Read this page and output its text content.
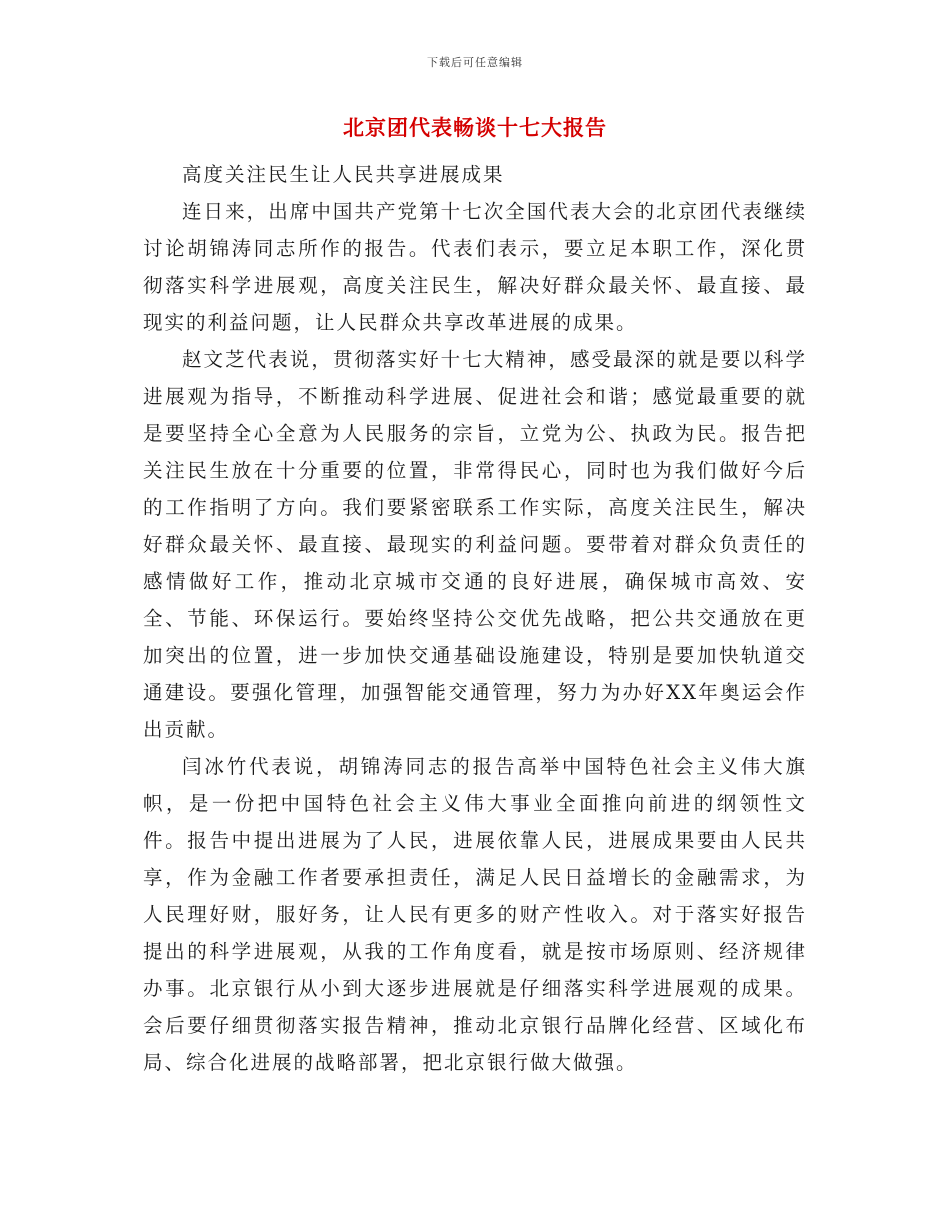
下载后可任意编辑
北京团代表畅谈十七大报告

高度关注民生让人民共享进展成果

连日来，出席中国共产党第十七次全国代表大会的北京团代表继续讨论胡锦涛同志所作的报告。代表们表示，要立足本职工作，深化贯彻落实科学进展观，高度关注民生，解决好群众最关怀、最直接、最现实的利益问题，让人民群众共享改革进展的成果。

赵文芝代表说，贯彻落实好十七大精神，感受最深的就是要以科学进展观为指导，不断推动科学进展、促进社会和谐；感觉最重要的就是要坚持全心全意为人民服务的宗旨，立党为公、执政为民。报告把关注民生放在十分重要的位置，非常得民心，同时也为我们做好今后的工作指明了方向。我们要紧密联系工作实际，高度关注民生，解决好群众最关怀、最直接、最现实的利益问题。要带着对群众负责任的感情做好工作，推动北京城市交通的良好进展，确保城市高效、安全、节能、环保运行。要始终坚持公交优先战略，把公共交通放在更加突出的位置，进一步加快交通基础设施建设，特别是要加快轨道交通建设。要强化管理，加强智能交通管理，努力为办好XX年奥运会作出贡献。

闫冰竹代表说，胡锦涛同志的报告高举中国特色社会主义伟大旗帜，是一份把中国特色社会主义伟大事业全面推向前进的纲领性文件。报告中提出进展为了人民，进展依靠人民，进展成果要由人民共享，作为金融工作者要承担责任，满足人民日益增长的金融需求，为人民理好财，服好务，让人民有更多的财产性收入。对于落实好报告提出的科学进展观，从我的工作角度看，就是按市场原则、经济规律办事。北京银行从小到大逐步进展就是仔细落实科学进展观的成果。会后要仔细贯彻落实报告精神，推动北京银行品牌化经营、区域化布局、综合化进展的战略部署，把北京银行做大做强。
